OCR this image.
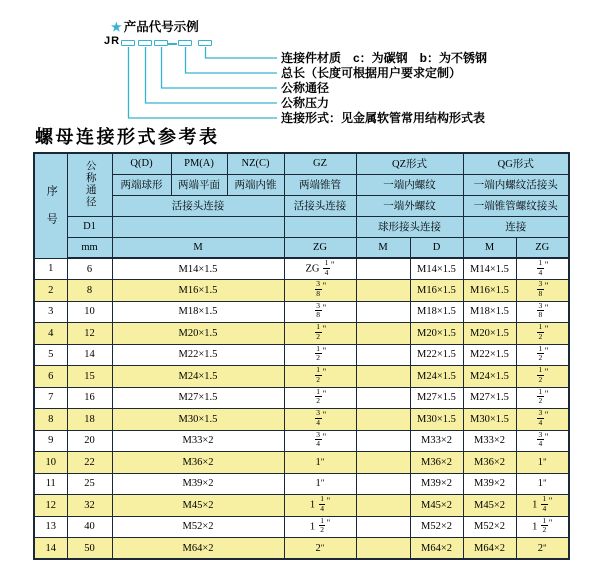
★ 产品代号示例
JR
连接件材质　c：为碳钢　b：为不锈钢
总长（长度可根据用户要求定制）
公称通径
公称压力
连接形式：见金属软管常用结构形式表
螺母连接形式参考表
序号	公称通径	Q(D)	PM(A)	NZ(C)	GZ	QZ形式		QG形式	
		两端球形	两端平面	两端内锥	两端锥管	一端内螺纹		一端内螺纹活接头	
		活接头连接			活接头连接	一端外螺纹		一端锥管螺纹接头	
	D1					球形接头连接		连接	
	mm	M			ZG	M	D	M	ZG
1	6	M14×1.5			ZG $\frac{1}{4}$ "		M14×1.5	M14×1.5	$\frac{1}{4}$ "
2	8	M16×1.5			$\frac{3}{8}$ "		M16×1.5	M16×1.5	$\frac{3}{8}$ "
3	10	M18×1.5			$\frac{3}{8}$ "		M18×1.5	M18×1.5	$\frac{3}{8}$ "
4	12	M20×1.5			$\frac{1}{2}$ "		M20×1.5	M20×1.5	$\frac{1}{2}$ "
5	14	M22×1.5			$\frac{1}{2}$ "		M22×1.5	M22×1.5	$\frac{1}{2}$ "
6	15	M24×1.5			$\frac{1}{2}$ "		M24×1.5	M24×1.5	$\frac{1}{2}$ "
7	16	M27×1.5			$\frac{1}{2}$ "		M27×1.5	M27×1.5	$\frac{1}{2}$ "
8	18	M30×1.5			$\frac{3}{4}$ "		M30×1.5	M30×1.5	$\frac{3}{4}$ "
9	20	M33×2			$\frac{3}{4}$ "		M33×2	M33×2	$\frac{3}{4}$ "
10	22	M36×2			1"		M36×2	M36×2	1"
11	25	M39×2			1"		M39×2	M39×2	1"
12	32	M45×2			$1 \frac{1}{4}$ "		M45×2	M45×2	$1 \frac{1}{4}$ "
13	40	M52×2			$1 \frac{1}{2}$ "		M52×2	M52×2	$1 \frac{1}{2}$ "
14	50	M64×2			2"		M64×2	M64×2	2"
